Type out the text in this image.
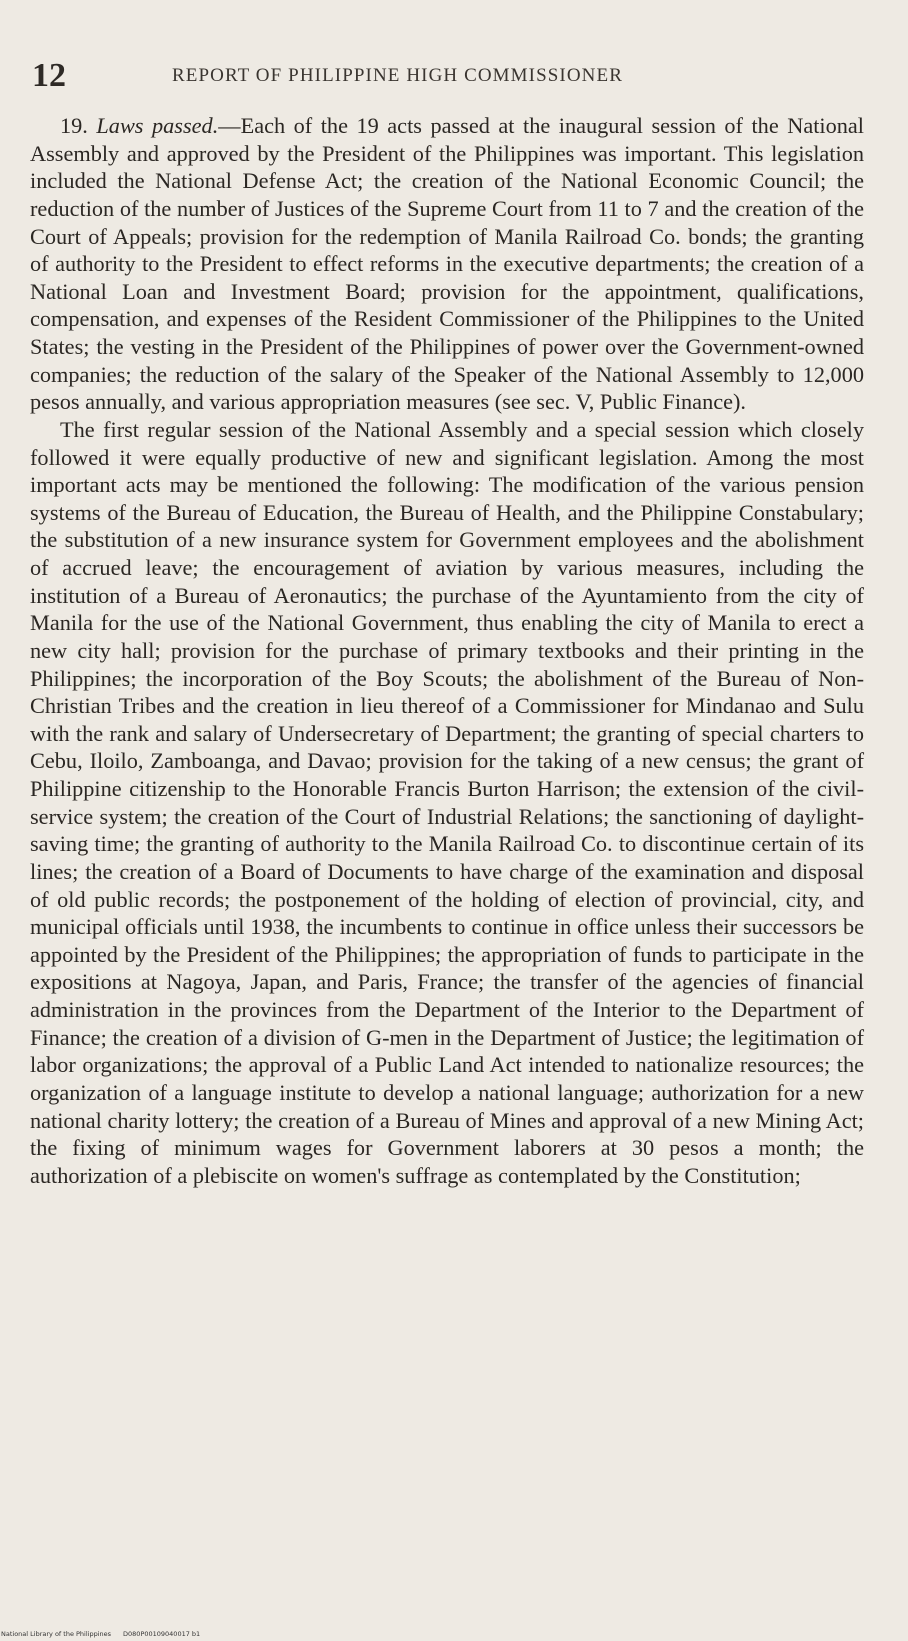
12	REPORT OF PHILIPPINE HIGH COMMISSIONER

19. Laws passed.—Each of the 19 acts passed at the inaugural session of the National Assembly and approved by the President of the Philippines was important. This legislation included the National Defense Act; the creation of the National Economic Council; the reduction of the number of Justices of the Supreme Court from 11 to 7 and the creation of the Court of Appeals; provision for the redemption of Manila Railroad Co. bonds; the granting of authority to the President to effect reforms in the executive departments; the creation of a National Loan and Investment Board; provision for the appointment, qualifications, compensation, and expenses of the Resident Commissioner of the Philippines to the United States; the vesting in the President of the Philippines of power over the Government-owned companies; the reduction of the salary of the Speaker of the National Assembly to 12,000 pesos annually, and various appropriation measures (see sec. V, Public Finance).

The first regular session of the National Assembly and a special session which closely followed it were equally productive of new and significant legislation. Among the most important acts may be mentioned the following: The modification of the various pension systems of the Bureau of Education, the Bureau of Health, and the Philippine Constabulary; the substitution of a new insurance system for Government employees and the abolishment of accrued leave; the encouragement of aviation by various measures, including the institution of a Bureau of Aeronautics; the purchase of the Ayuntamiento from the city of Manila for the use of the National Government, thus enabling the city of Manila to erect a new city hall; provision for the purchase of primary textbooks and their printing in the Philippines; the incorporation of the Boy Scouts; the abolishment of the Bureau of Non-Christian Tribes and the creation in lieu thereof of a Commissioner for Mindanao and Sulu with the rank and salary of Undersecretary of Department; the granting of special charters to Cebu, Iloilo, Zamboanga, and Davao; provision for the taking of a new census; the grant of Philippine citizenship to the Honorable Francis Burton Harrison; the extension of the civil-service system; the creation of the Court of Industrial Relations; the sanctioning of daylight-saving time; the granting of authority to the Manila Railroad Co. to discontinue certain of its lines; the creation of a Board of Documents to have charge of the examination and disposal of old public records; the postponement of the holding of election of provincial, city, and municipal officials until 1938, the incumbents to continue in office unless their successors be appointed by the President of the Philippines; the appropriation of funds to participate in the expositions at Nagoya, Japan, and Paris, France; the transfer of the agencies of financial administration in the provinces from the Department of the Interior to the Department of Finance; the creation of a division of G-men in the Department of Justice; the legitimation of labor organizations; the approval of a Public Land Act intended to nationalize resources; the organization of a language institute to develop a national language; authorization for a new national charity lottery; the creation of a Bureau of Mines and approval of a new Mining Act; the fixing of minimum wages for Government laborers at 30 pesos a month; the authorization of a plebiscite on women's suffrage as contemplated by the Constitution;

National Library of the Philippines D080P00109040017 b1
